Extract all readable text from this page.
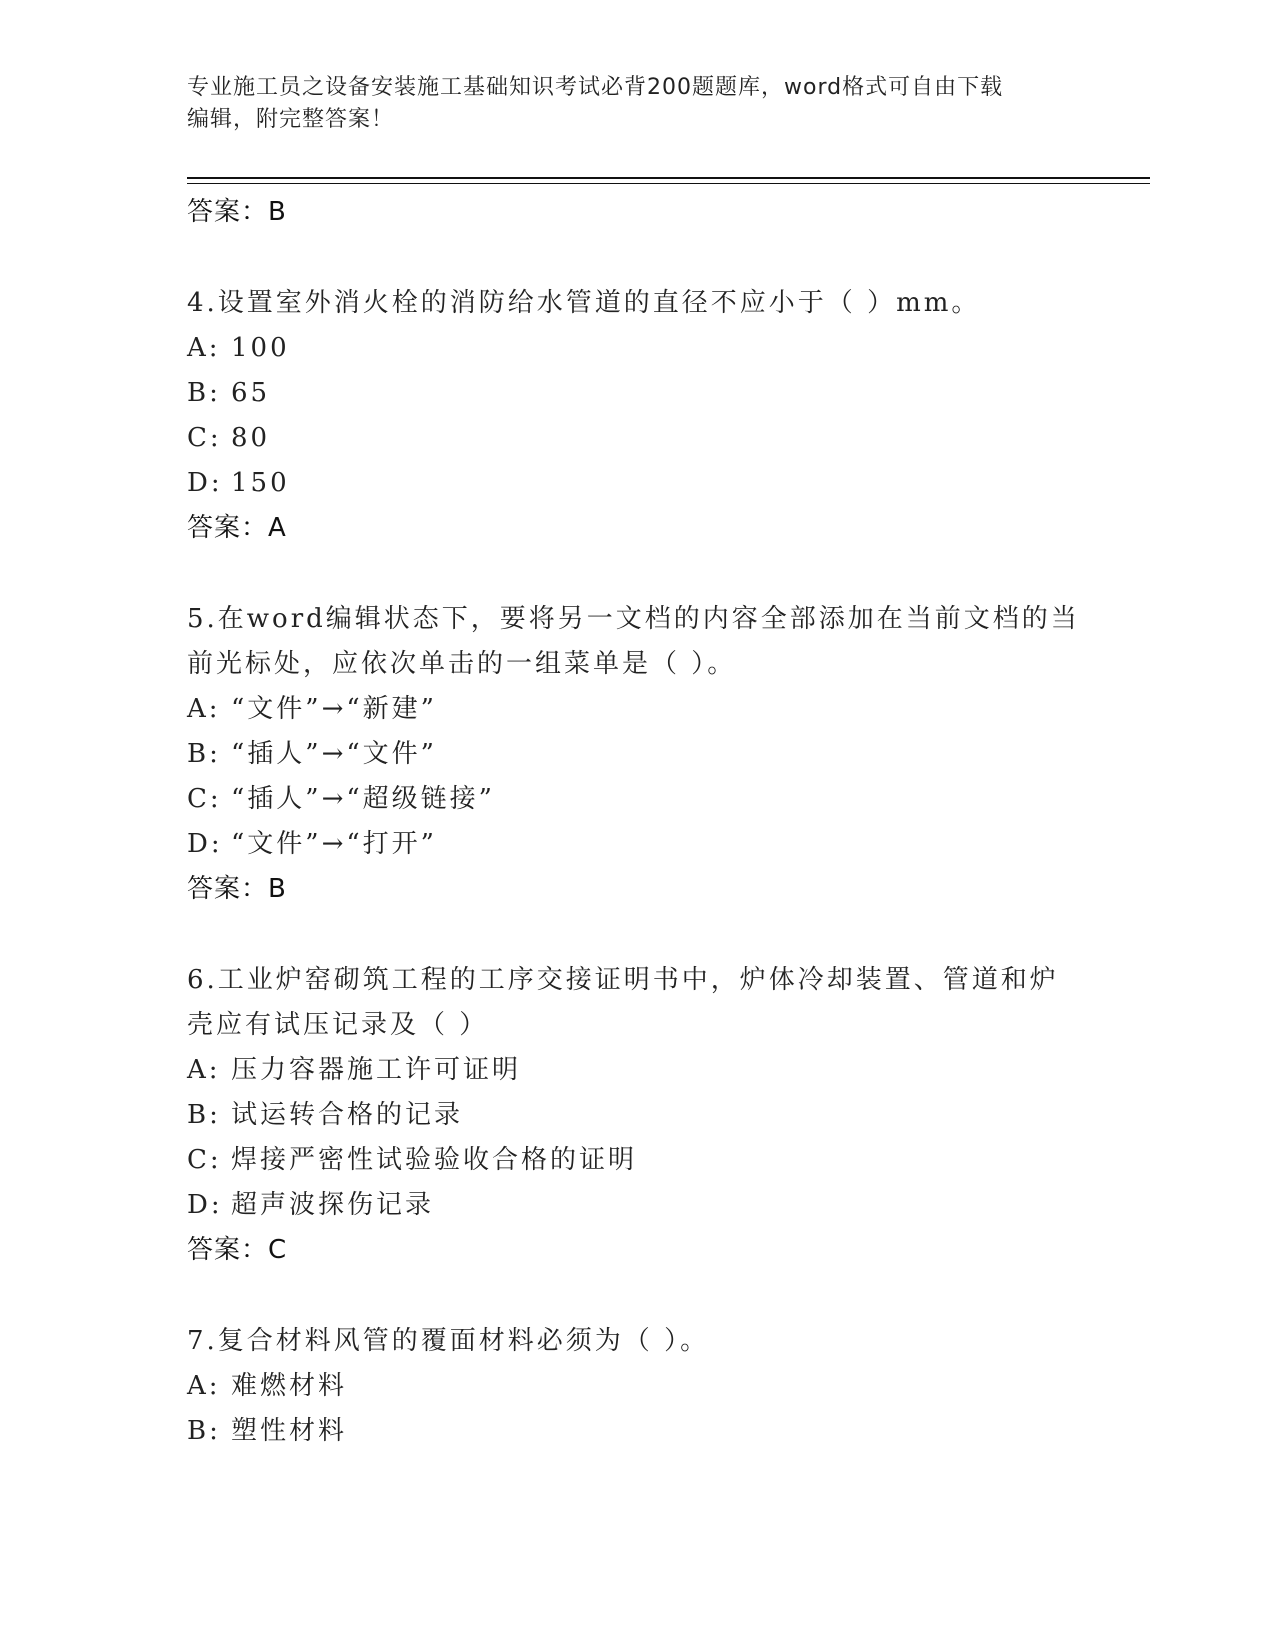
专业施工员之设备安装施工基础知识考试必背200题题库，word格式可自由下载
编辑，附完整答案！
答案：B
4.设置室外消火栓的消防给水管道的直径不应小于（ ）mm。
A: 100
B: 65
C: 80
D: 150
答案：A
5.在word编辑状态下，要将另一文档的内容全部添加在当前文档的当
前光标处，应依次单击的一组菜单是（ ）。
A: “文件”→“新建”
B: “插人”→“文件”
C: “插人”→“超级链接”
D: “文件”→“打开”
答案：B
6.工业炉窑砌筑工程的工序交接证明书中，炉体冷却装置、管道和炉
壳应有试压记录及（ ）
A: 压力容器施工许可证明
B: 试运转合格的记录
C: 焊接严密性试验验收合格的证明
D: 超声波探伤记录
答案：C
7.复合材料风管的覆面材料必须为（ ）。
A: 难燃材料
B: 塑性材料
